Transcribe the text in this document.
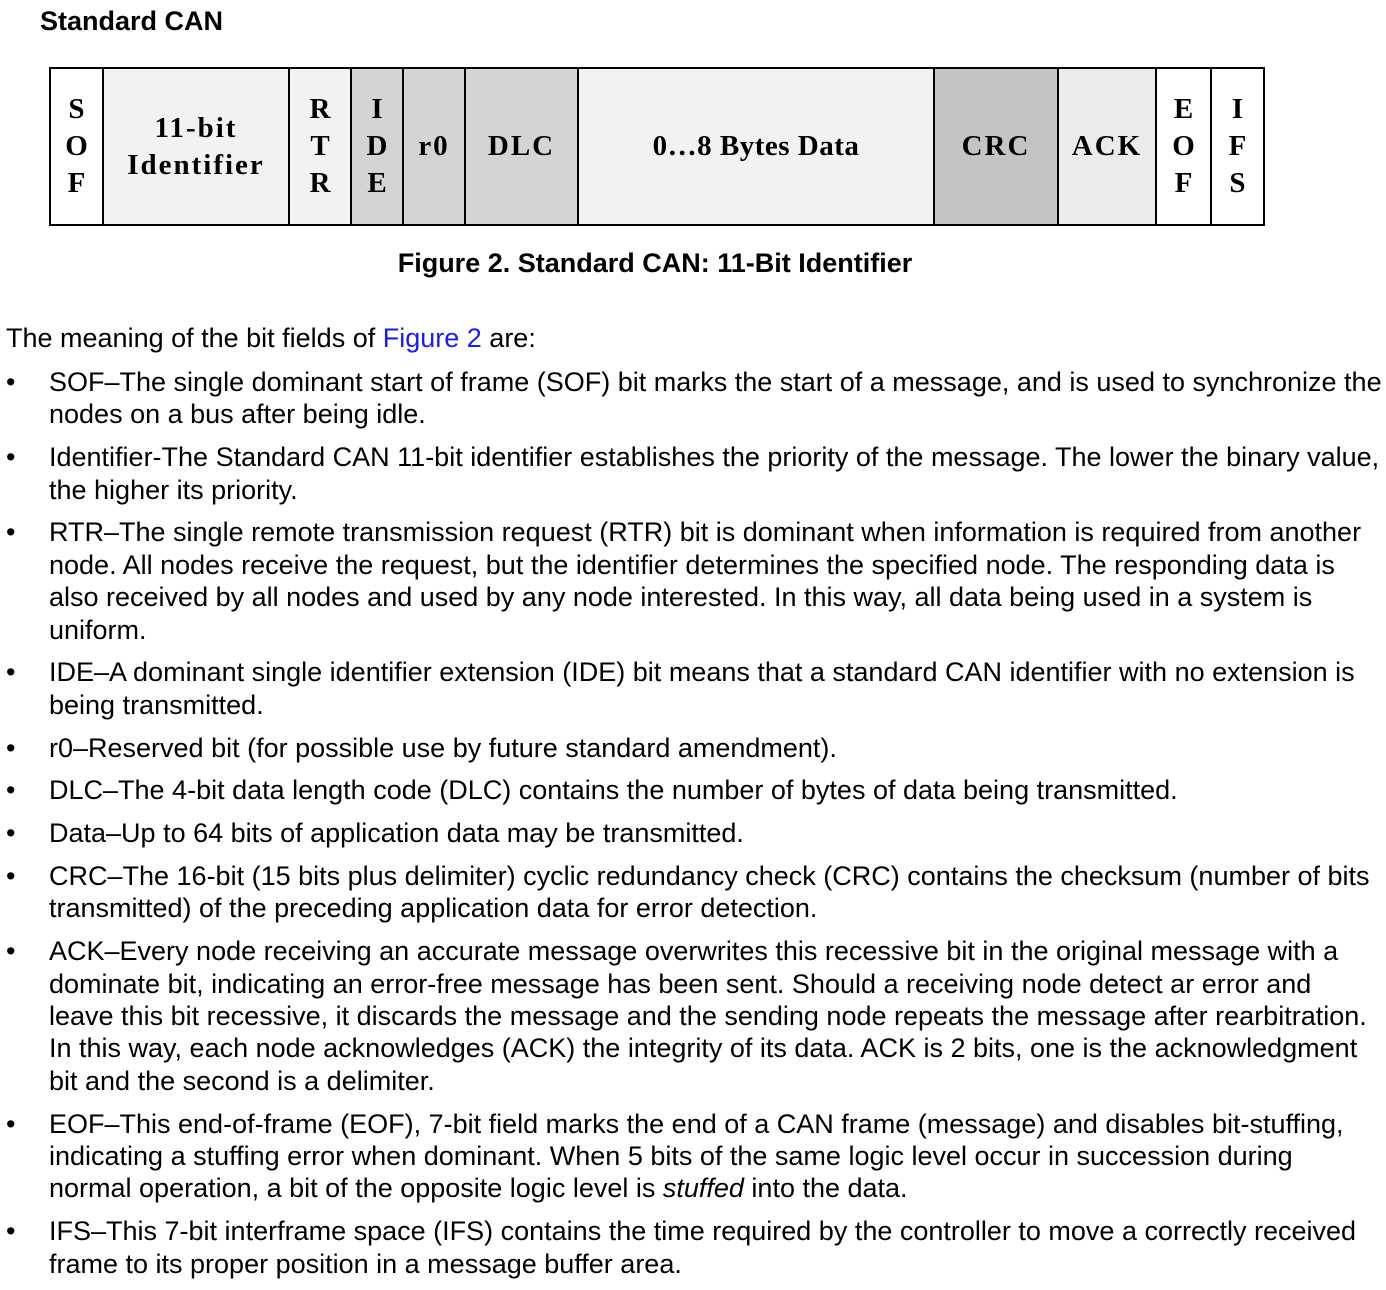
Standard CAN
S
O
F
11-bit
Identifier
R
T
R
I
D
E
r0	DLC	0…8 Bytes Data	CRC	ACK
E
O
F
I
F
S

Figure 2. Standard CAN: 11-Bit Identifier

The meaning of the bit fields of Figure 2 are:

• SOF–The single dominant start of frame (SOF) bit marks the start of a message, and is used to synchronize the nodes on a bus after being idle.
• Identifier-The Standard CAN 11-bit identifier establishes the priority of the message. The lower the binary value, the higher its priority.
• RTR–The single remote transmission request (RTR) bit is dominant when information is required from another node. All nodes receive the request, but the identifier determines the specified node. The responding data is also received by all nodes and used by any node interested. In this way, all data being used in a system is uniform.
• IDE–A dominant single identifier extension (IDE) bit means that a standard CAN identifier with no extension is being transmitted.
• r0–Reserved bit (for possible use by future standard amendment).
• DLC–The 4-bit data length code (DLC) contains the number of bytes of data being transmitted.
• Data–Up to 64 bits of application data may be transmitted.
• CRC–The 16-bit (15 bits plus delimiter) cyclic redundancy check (CRC) contains the checksum (number of bits transmitted) of the preceding application data for error detection.
• ACK–Every node receiving an accurate message overwrites this recessive bit in the original message with a dominate bit, indicating an error-free message has been sent. Should a receiving node detect ar error and leave this bit recessive, it discards the message and the sending node repeats the message after rearbitration. In this way, each node acknowledges (ACK) the integrity of its data. ACK is 2 bits, one is the acknowledgment bit and the second is a delimiter.
• EOF–This end-of-frame (EOF), 7-bit field marks the end of a CAN frame (message) and disables bit-stuffing, indicating a stuffing error when dominant. When 5 bits of the same logic level occur in succession during normal operation, a bit of the opposite logic level is stuffed into the data.
• IFS–This 7-bit interframe space (IFS) contains the time required by the controller to move a correctly received frame to its proper position in a message buffer area.
